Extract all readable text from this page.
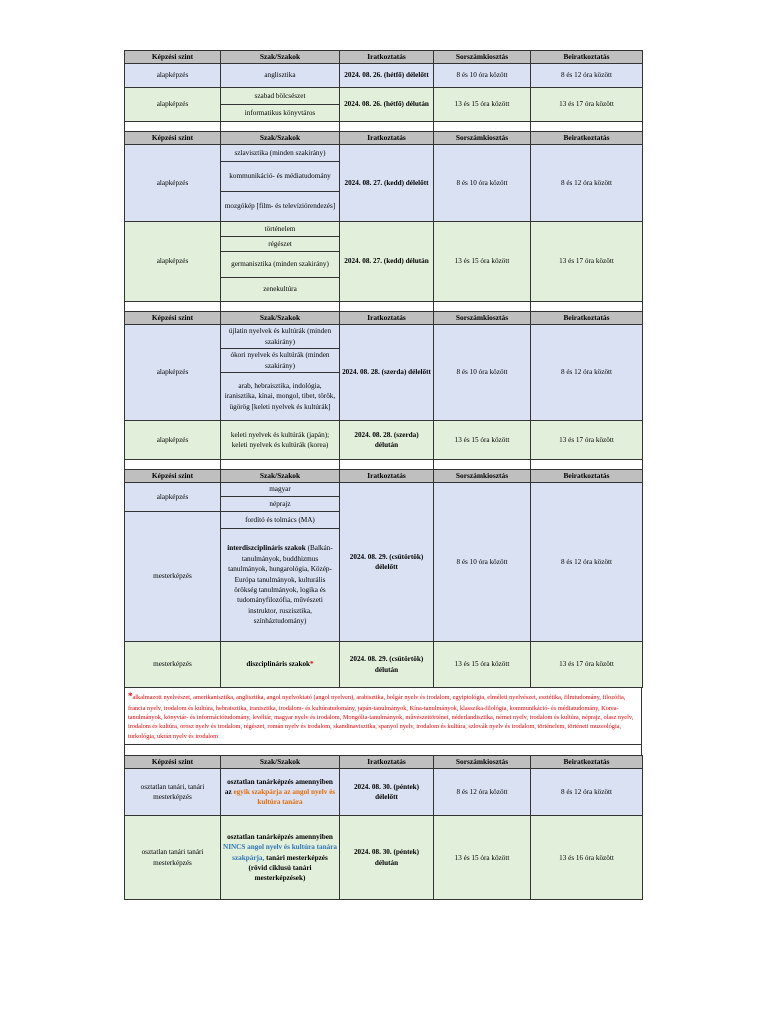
Képzési szint	Szak/Szakok	Iratkoztatás	Sorszámkiosztás	Beiratkoztatás
alapképzés	anglisztika	2024. 08. 26. (hétfő) délelőtt	8 és 10 óra között	8 és 12 óra között
alapképzés	szabad bölcsészet	2024. 08. 26. (hétfő) délután	13 és 15 óra között	13 és 17 óra között
	informatikus könyvtáros			

Képzési szint	Szak/Szakok	Iratkoztatás	Sorszámkiosztás	Beiratkoztatás
alapképzés	szlavisztika (minden szakirány)	2024. 08. 27. (kedd) délelőtt	8 és 10 óra között	8 és 12 óra között
	kommunikáció- és médiatudomány			
	mozgókép [film- és televíziórendezés]			
alapképzés	történelem	2024. 08. 27. (kedd) délután	13 és 15 óra között	13 és 17 óra között
	régészet			
	germanisztika (minden szakirány)			
	zenekultúra			

Képzési szint	Szak/Szakok	Iratkoztatás	Sorszámkiosztás	Beiratkoztatás
alapképzés	újlatin nyelvek és kultúrák (minden szakirány)	2024. 08. 28. (szerda) délelőtt	8 és 10 óra között	8 és 12 óra között
	ókori nyelvek és kultúrák (minden szakirány)			
	arab, hebraisztika, indológia, iranisztika, kínai, mongol, tibet, török, ügörög [keleti nyelvek és kultúrák]			
alapképzés	keleti nyelvek és kultúrák (japán); keleti nyelvek és kultúrák (korea)	2024. 08. 28. (szerda) délután	13 és 15 óra között	13 és 17 óra között

Képzési szint	Szak/Szakok	Iratkoztatás	Sorszámkiosztás	Beiratkoztatás
alapképzés	magyar	2024. 08. 29. (csütörtök) délelőtt	8 és 10 óra között	8 és 12 óra között
	néprajz			
mesterképzés	fordító és tolmács (MA)			
	interdiszciplináris szakok (Balkán-tanulmányok, buddhizmus tanulmányok, hungarológia, Közép-Európa tanulmányok, kulturális örökség tanulmányok, logika és tudományfilozófia, művészeti instruktor, ruszisztika, színháztudomány)			
mesterképzés	diszciplináris szakok*	2024. 08. 29. (csütörtök) délután	13 és 15 óra között	13 és 17 óra között
*alkalmazott nyelvészet, amerikanisztika, anglisztika, angol nyelvoktató (angol nyelven), arabisztika, bolgár nyelv és irodalom, egyiptológia, elméleti nyelvészet, esztétika, filmtudomány, filozófia, francia nyelv, irodalom és kultúra, hebraisztika, iranisztika, irodalom- és kultúratudomány, japán-tanulmányok, Kína-tanulmányok, klasszika-filológia, kommunikáció- és médiatudomány, Korea-tanulmányok, könyvtár- és információtudomány, levéltár, magyar nyelv és irodalom, Mongólia-tanulmányok, művészettörténet, néderlandisztika, német nyelv, irodalom és kultúra, néprajz, olasz nyelv, irodalom és kultúra, orosz nyelv és irodalom, régészet, román nyelv és irodalom, skandinavisztika, spanyol nyelv, irodalom és kultúra, szlovák nyelv és irodalom, történelem, történeti muzeológia, turkológia, ukrán nyelv és irodalom
Képzési szint	Szak/Szakok	Iratkoztatás	Sorszámkiosztás	Beiratkoztatás
osztatlan tanári, tanári mesterképzés	osztatlan tanárképzés amennyiben az egyik szakpárja az angol nyelv és kultúra tanára	2024. 08. 30. (péntek) délelőtt	8 és 12 óra között	8 és 12 óra között
osztatlan tanári tanári mesterképzés	osztatlan tanárképzés amennyiben NINCS angol nyelv és kultúra tanára szakpárja, tanári mesterképzés (rövid ciklusú tanári mesterképzések)	2024. 08. 30. (péntek) délután	13 és 15 óra között	13 és 16 óra között
